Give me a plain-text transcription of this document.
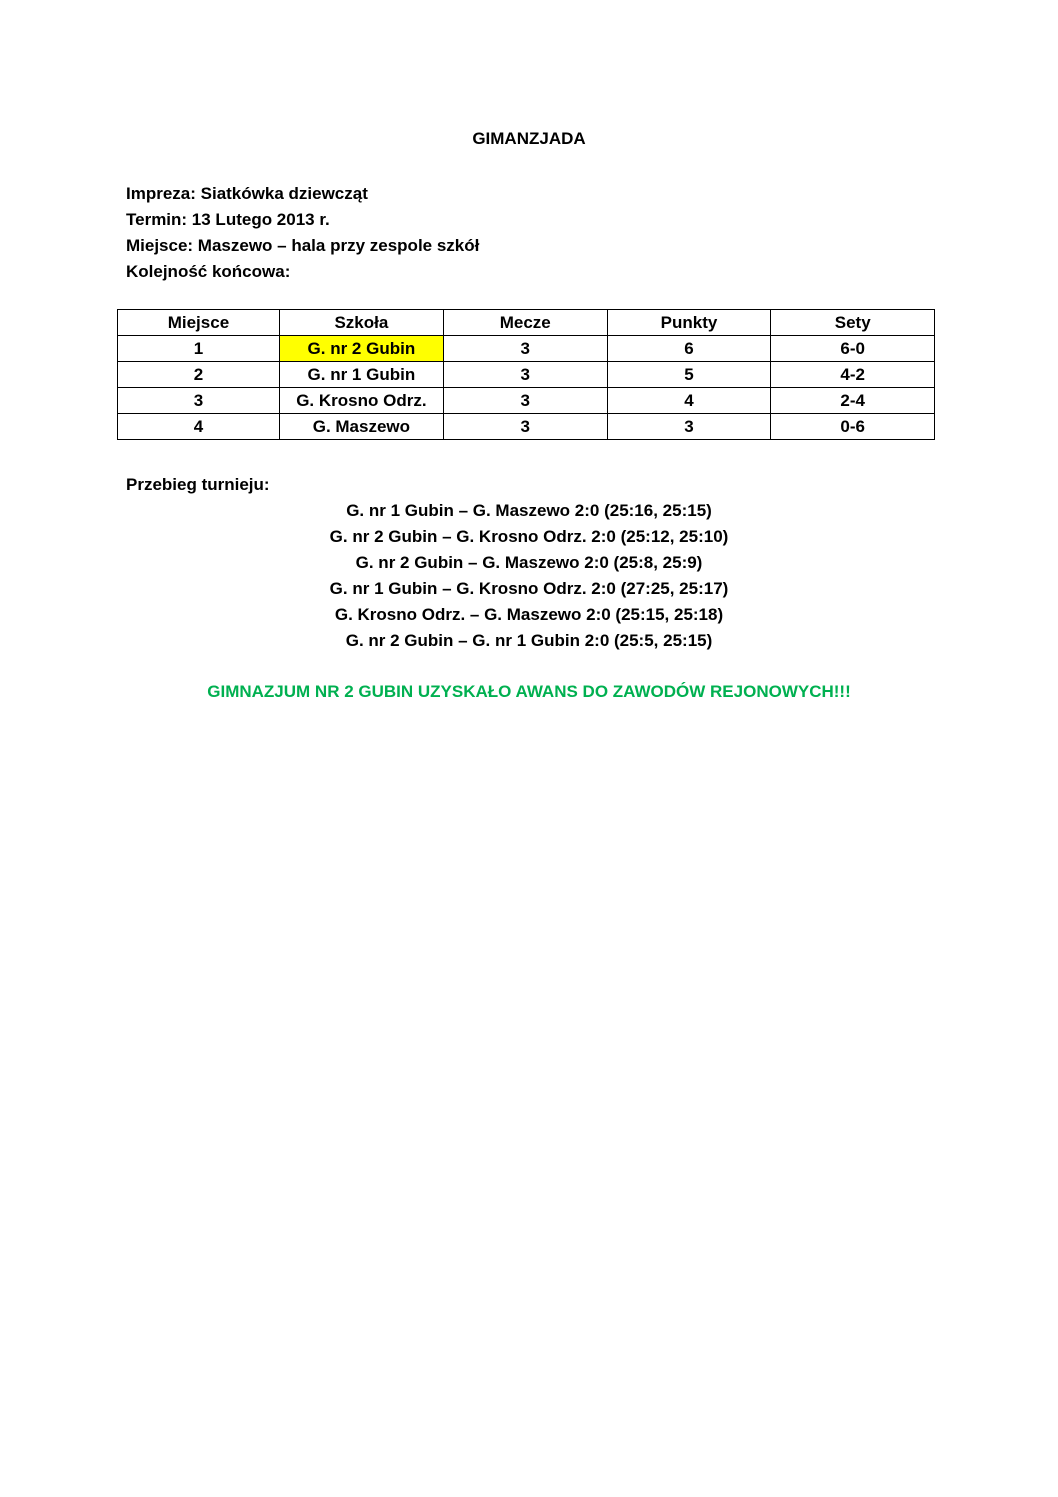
GIMANZJADA
Impreza: Siatkówka dziewcząt
Termin: 13 Lutego 2013 r.
Miejsce: Maszewo – hala przy zespole szkół
Kolejność końcowa:
Miejsce	Szkoła	Mecze	Punkty	Sety
1	G. nr 2 Gubin	3	6	6-0
2	G. nr 1 Gubin	3	5	4-2
3	G. Krosno Odrz.	3	4	2-4
4	G. Maszewo	3	3	0-6
Przebieg turnieju:
G. nr 1 Gubin – G. Maszewo 2:0 (25:16, 25:15)
G. nr 2 Gubin – G. Krosno Odrz. 2:0 (25:12, 25:10)
G. nr 2 Gubin – G. Maszewo 2:0 (25:8, 25:9)
G. nr 1 Gubin – G. Krosno Odrz. 2:0 (27:25, 25:17)
G. Krosno Odrz. – G. Maszewo 2:0 (25:15, 25:18)
G. nr 2 Gubin – G. nr 1 Gubin 2:0 (25:5, 25:15)
GIMNAZJUM NR 2 GUBIN UZYSKAŁO AWANS DO ZAWODÓW REJONOWYCH!!!
